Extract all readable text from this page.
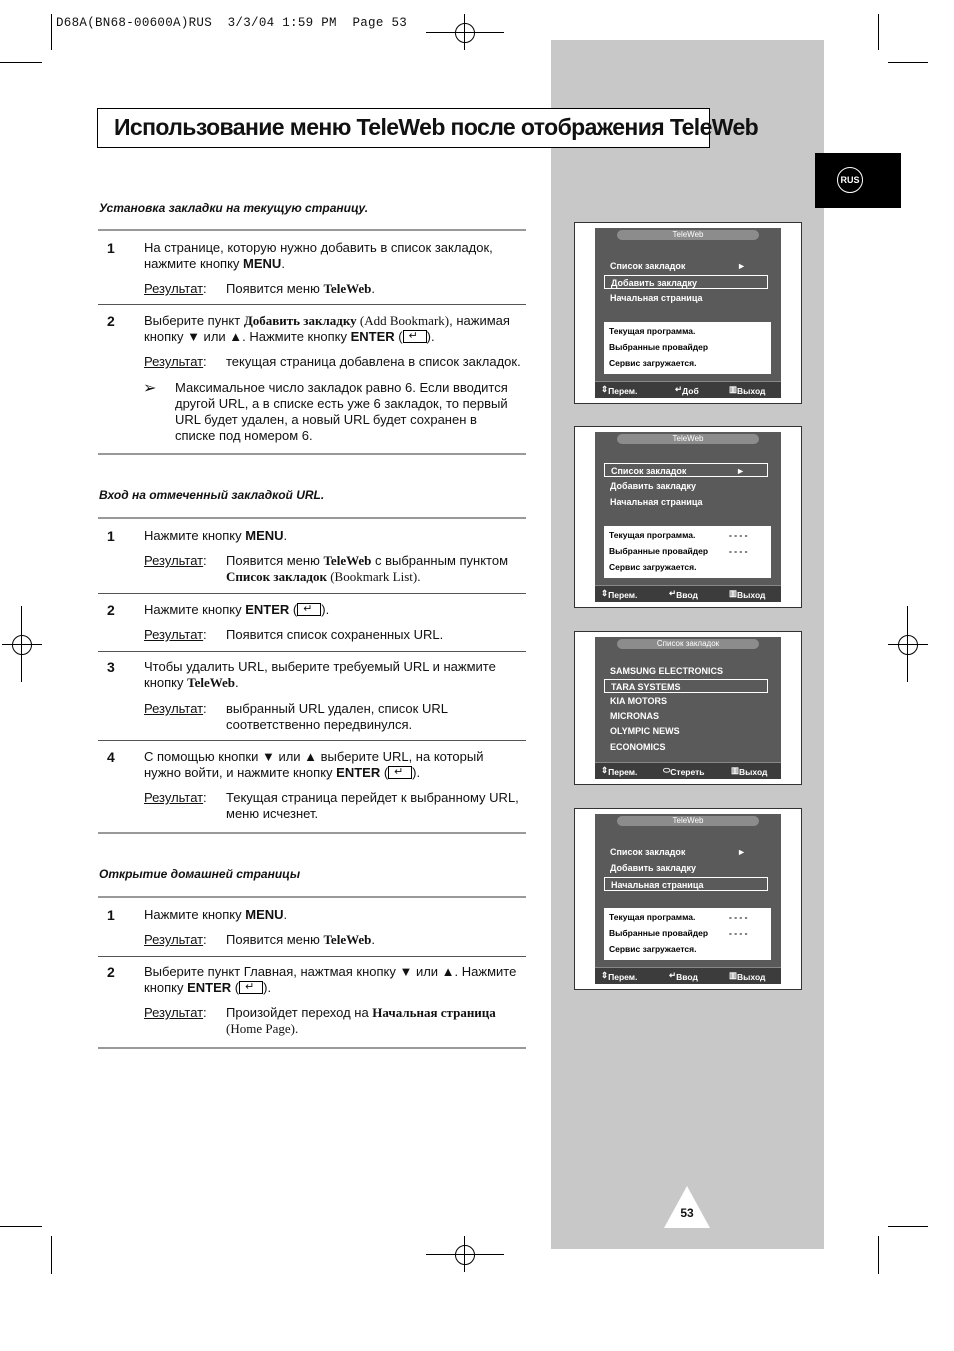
D68A(BN68-00600A)RUS  3/3/04 1:59 PM  Page 53
RUS
Использование меню TeleWeb после отображения TeleWeb
Установка закладки на текущую страницу.
1 На странице, которую нужно добавить в список закладок, нажмите кнопку MENU.
Результат : Появится меню TeleWeb.
2 Выберите пункт Добавить закладку (Add Bookmark), нажимая кнопку ▼ или ▲. Нажмите кнопку ENTER ( ↵ ).
Результат : текущая страница добавлена в список закладок.
➢ Максимальное число закладок равно 6. Если вводится другой URL, а в списке есть уже 6 закладок, то первый URL будет удален, а новый URL будет сохранен в списке под номером 6.
Вход на отмеченный закладкой URL.
1 Нажмите кнопку MENU.
Результат : Появится меню TeleWeb с выбранным пунктом Список закладок (Bookmark List).
2 Нажмите кнопку ENTER ( ↵ ).
Результат : Появится список сохраненных URL.
3 Чтобы удалить URL, выберите требуемый URL и нажмите кнопку TeleWeb.
Результат : выбранный URL удален, список URL соответственно передвинулся.
4 С помощью кнопки ▼ или ▲ выберите URL, на который нужно войти, и нажмите кнопку ENTER ( ↵ ).
Результат : Текущая страница перейдет к выбранному URL, меню исчезнет.
Открытие домашней страницы
1 Нажмите кнопку MENU.
Результат : Появится меню TeleWeb.
2 Выберите пункт Главная, нажтмая кнопку ▼ или ▲. Нажмите кнопку ENTER ( ↵ ).
Результат : Произойдет переход на Начальная страница (Home Page).
TeleWeb
Список закладок	►
Добавить закладку
Начальная страница
Текущая программа.
Выбранные провайдер
Сервис загружается.
⇕ Перем.	↵ Доб	▥ Выход
TeleWeb
Список закладок	►
Добавить закладку
Начальная страница
Текущая программа.	- - - -
Выбранные провайдер - - - -
Сервис загружается.
⇕ Перем.	↵ Ввод	▥ Выход
Список закладок
SAMSUNG ELECTRONICS
TARA SYSTEMS
KIA MOTORS
MICRONAS
OLYMPIC NEWS
ECONOMICS
⇕ Перем.	⬭ Стереть	▥ Выход
TeleWeb
Список закладок	►
Добавить закладку
Начальная страница
Текущая программа.	- - - -
Выбранные провайдер - - - -
Сервис загружается.
⇕ Перем.	↵ Ввод	▥ Выход
53
